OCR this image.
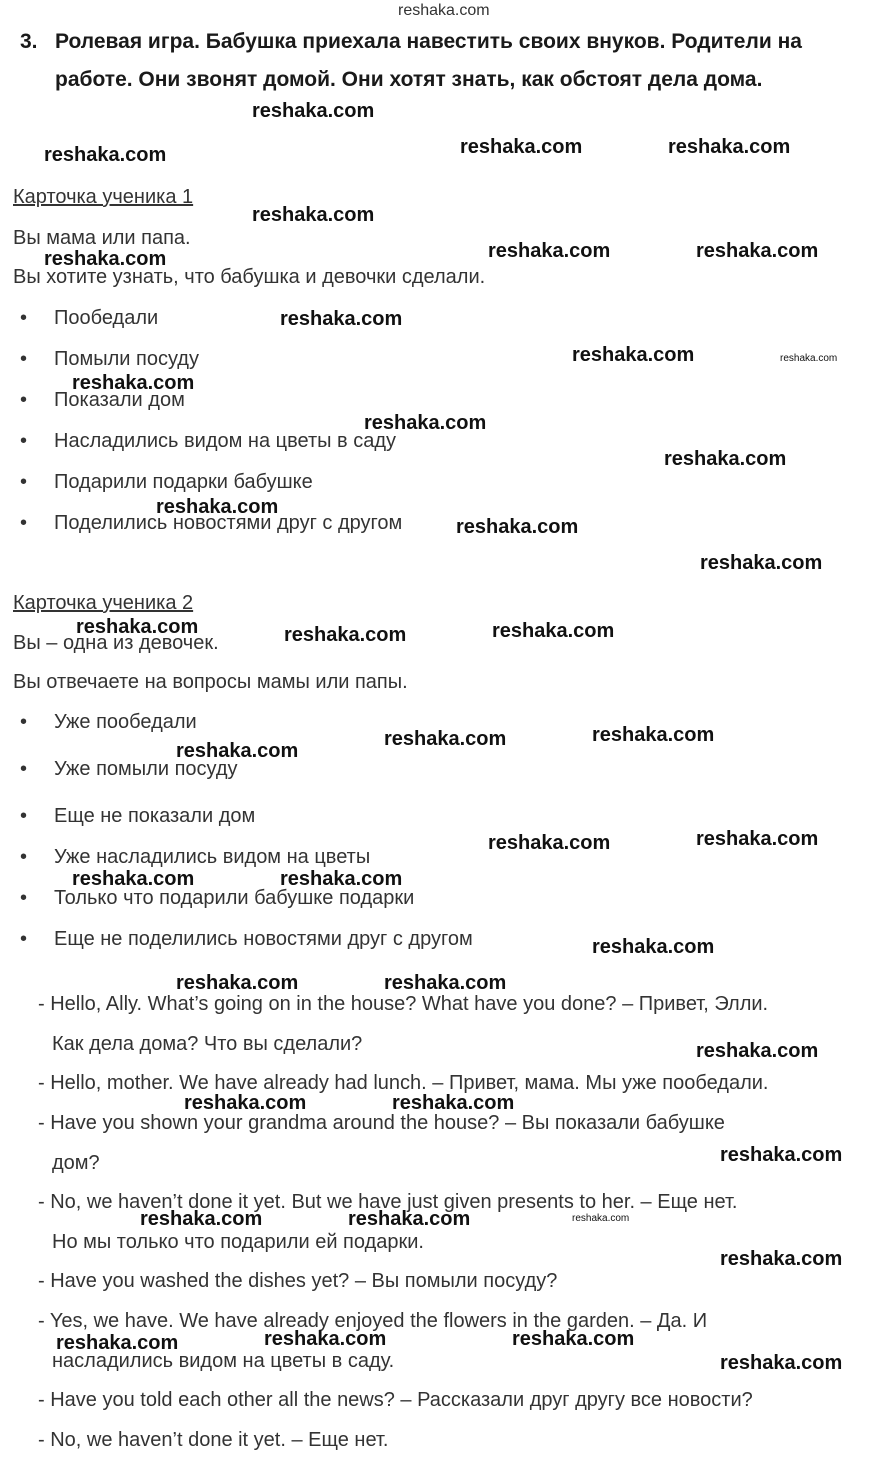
reshaka.com
3. Ролевая игра. Бабушка приехала навестить своих внуков. Родители на
работе. Они звонят домой. Они хотят знать, как обстоят дела дома.
Карточка ученика 1
Вы мама или папа.
Вы хотите узнать, что бабушка и девочки сделали.
• Пообедали
• Помыли посуду
• Показали дом
• Насладились видом на цветы в саду
• Подарили подарки бабушке
• Поделились новостями друг с другом
Карточка ученика 2
Вы – одна из девочек.
Вы отвечаете на вопросы мамы или папы.
• Уже пообедали
• Уже помыли посуду
• Еще не показали дом
• Уже насладились видом на цветы
• Только что подарили бабушке подарки
• Еще не поделились новостями друг с другом
- Hello, Ally. What’s going on in the house? What have you done? – Привет, Элли.
Как дела дома? Что вы сделали?
- Hello, mother. We have already had lunch. – Привет, мама. Мы уже пообедали.
- Have you shown your grandma around the house? – Вы показали бабушке
дом?
- No, we haven’t done it yet. But we have just given presents to her. – Еще нет.
Но мы только что подарили ей подарки.
- Have you washed the dishes yet? – Вы помыли посуду?
- Yes, we have. We have already enjoyed the flowers in the garden. – Да. И
насладились видом на цветы в саду.
- Have you told each other all the news? – Рассказали друг другу все новости?
- No, we haven’t done it yet. – Еще нет.
reshaka.com
reshaka.com	reshaka.com	reshaka.com
reshaka.com
reshaka.com	reshaka.com	reshaka.com
reshaka.com
reshaka.com
reshaka.com
reshaka.com
reshaka.com
reshaka.com
reshaka.com
reshaka.com
reshaka.com	reshaka.com	reshaka.com
reshaka.com
reshaka.com	reshaka.com
reshaka.com	reshaka.com
reshaka.com	reshaka.com
reshaka.com
reshaka.com	reshaka.com
reshaka.com
reshaka.com	reshaka.com
reshaka.com
reshaka.com	reshaka.com
reshaka.com
reshaka.com	reshaka.com	reshaka.com
reshaka.com
reshaka.com
reshaka.com
